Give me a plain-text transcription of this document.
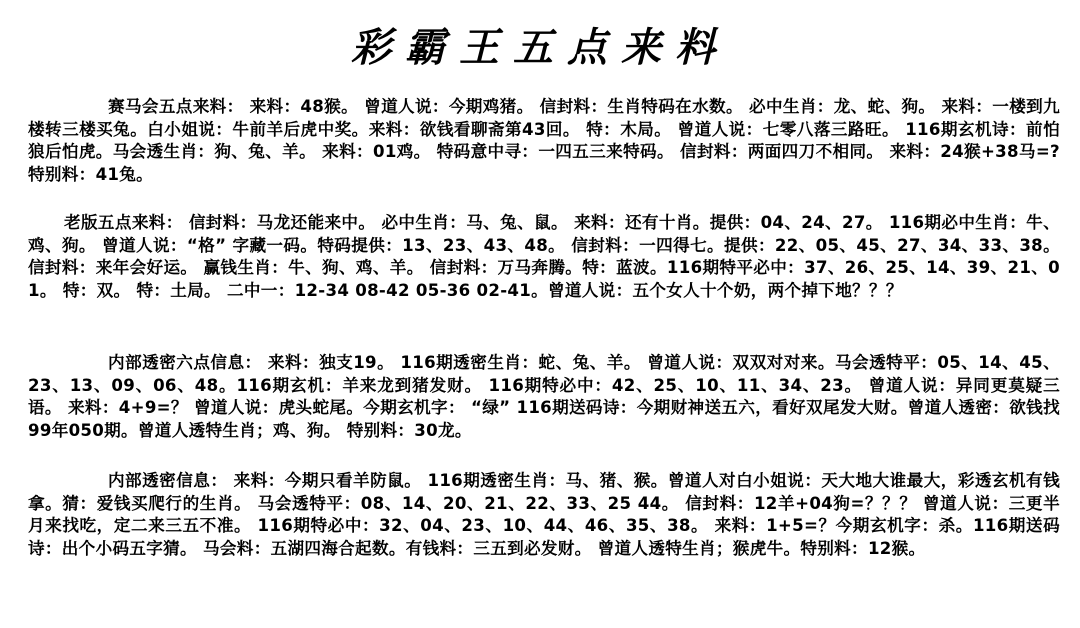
彩霸王五点来料
赛马会五点来料： 来料：48猴。 曾道人说：今期鸡猪。 信封料：生肖特码在水数。 必中生肖：龙、蛇、狗。 来料：一楼到九楼转三楼买兔。白小姐说：牛前羊后虎中奖。来料：欲钱看聊斋第43回。 特：木局。 曾道人说：七零八落三路旺。 116期玄机诗：前怕狼后怕虎。马会透生肖：狗、兔、羊。 来料：01鸡。 特码意中寻：一四五三来特码。 信封料：两面四刀不相同。 来料：24猴+38马=? 特别料：41兔。
老版五点来料： 信封料：马龙还能来中。 必中生肖：马、兔、鼠。 来料：还有十肖。提供：04、24、27。 116期必中生肖：牛、鸡、狗。 曾道人说：“格” 字藏一码。特码提供：13、23、43、48。 信封料：一四得七。提供：22、05、45、27、34、33、38。 信封料：来年会好运。 赢钱生肖：牛、狗、鸡、羊。 信封料：万马奔腾。特：蓝波。116期特平必中：37、26、25、14、39、21、01。 特：双。 特：土局。 二中一：12-34 08-42 05-36 02-41。曾道人说：五个女人十个奶，两个掉下地？？？
内部透密六点信息： 来料：独支19。 116期透密生肖：蛇、兔、羊。 曾道人说：双双对对来。马会透特平：05、14、45、23、13、09、06、48。116期玄机：羊来龙到猪发财。 116期特必中：42、25、10、11、34、23。 曾道人说：异同更莫疑三语。 来料：4+9=？ 曾道人说：虎头蛇尾。今期玄机字： “绿” 116期送码诗：今期财神送五六，看好双尾发大财。曾道人透密：欲钱找99年050期。曾道人透特生肖；鸡、狗。 特别料：30龙。
内部透密信息： 来料：今期只看羊防鼠。 116期透密生肖：马、猪、猴。曾道人对白小姐说：天大地大谁最大，彩透玄机有钱拿。猜：爱钱买爬行的生肖。 马会透特平：08、14、20、21、22、33、25 44。 信封料：12羊+04狗=？？？ 曾道人说：三更半月来找吃，定二来三五不准。 116期特必中：32、04、23、10、44、46、35、38。 来料：1+5=？今期玄机字：杀。116期送码诗：出个小码五字猜。 马会料：五湖四海合起数。有钱料：三五到必发财。 曾道人透特生肖；猴虎牛。特别料：12猴。
